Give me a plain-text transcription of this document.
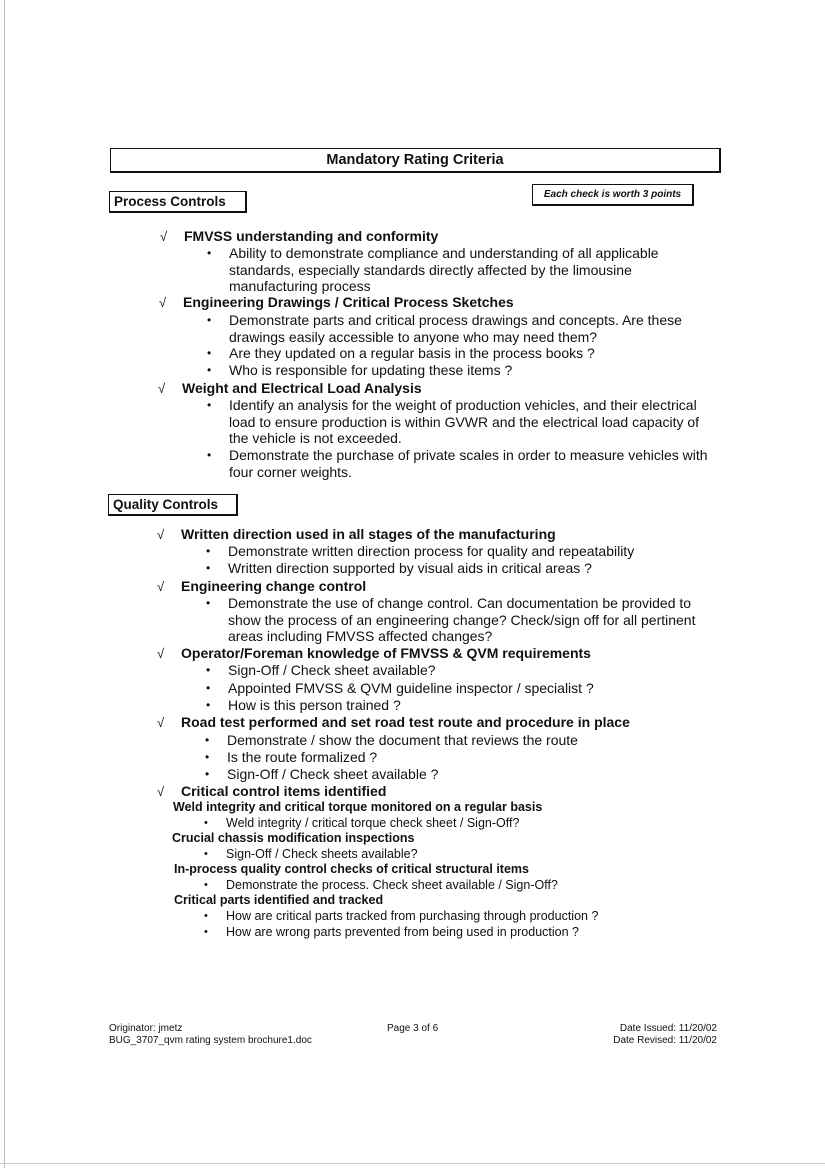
Mandatory Rating Criteria
Process Controls	Each check is worth 3 points
√ FMVSS understanding and conformity
• Ability to demonstrate compliance and understanding of all applicable
standards, especially standards directly affected by the limousine
manufacturing process
√ Engineering Drawings / Critical Process Sketches
• Demonstrate parts and critical process drawings and concepts. Are these
drawings easily accessible to anyone who may need them?
• Are they updated on a regular basis in the process books ?
• Who is responsible for updating these items ?
√ Weight and Electrical Load Analysis
• Identify an analysis for the weight of production vehicles, and their electrical
load to ensure production is within GVWR and the electrical load capacity of
the vehicle is not exceeded.
• Demonstrate the purchase of private scales in order to measure vehicles with
four corner weights.
Quality Controls
√ Written direction used in all stages of the manufacturing
• Demonstrate written direction process for quality and repeatability
• Written direction supported by visual aids in critical areas ?
√ Engineering change control
• Demonstrate the use of change control. Can documentation be provided to
show the process of an engineering change? Check/sign off for all pertinent
areas including FMVSS affected changes?
√ Operator/Foreman knowledge of FMVSS & QVM requirements
• Sign-Off / Check sheet available?
• Appointed FMVSS & QVM guideline inspector / specialist ?
• How is this person trained ?
√ Road test performed and set road test route and procedure in place
• Demonstrate / show the document that reviews the route
• Is the route formalized ?
• Sign-Off / Check sheet available ?
√ Critical control items identified
Weld integrity and critical torque monitored on a regular basis
• Weld integrity / critical torque check sheet / Sign-Off?
Crucial chassis modification inspections
• Sign-Off / Check sheets available?
In-process quality control checks of critical structural items
• Demonstrate the process. Check sheet available / Sign-Off?
Critical parts identified and tracked
• How are critical parts tracked from purchasing through production ?
• How are wrong parts prevented from being used in production ?
Originator: jmetz
BUG_3707_qvm rating system brochure1.doc
Page 3 of 6	Date Issued: 11/20/02
Date Revised: 11/20/02
